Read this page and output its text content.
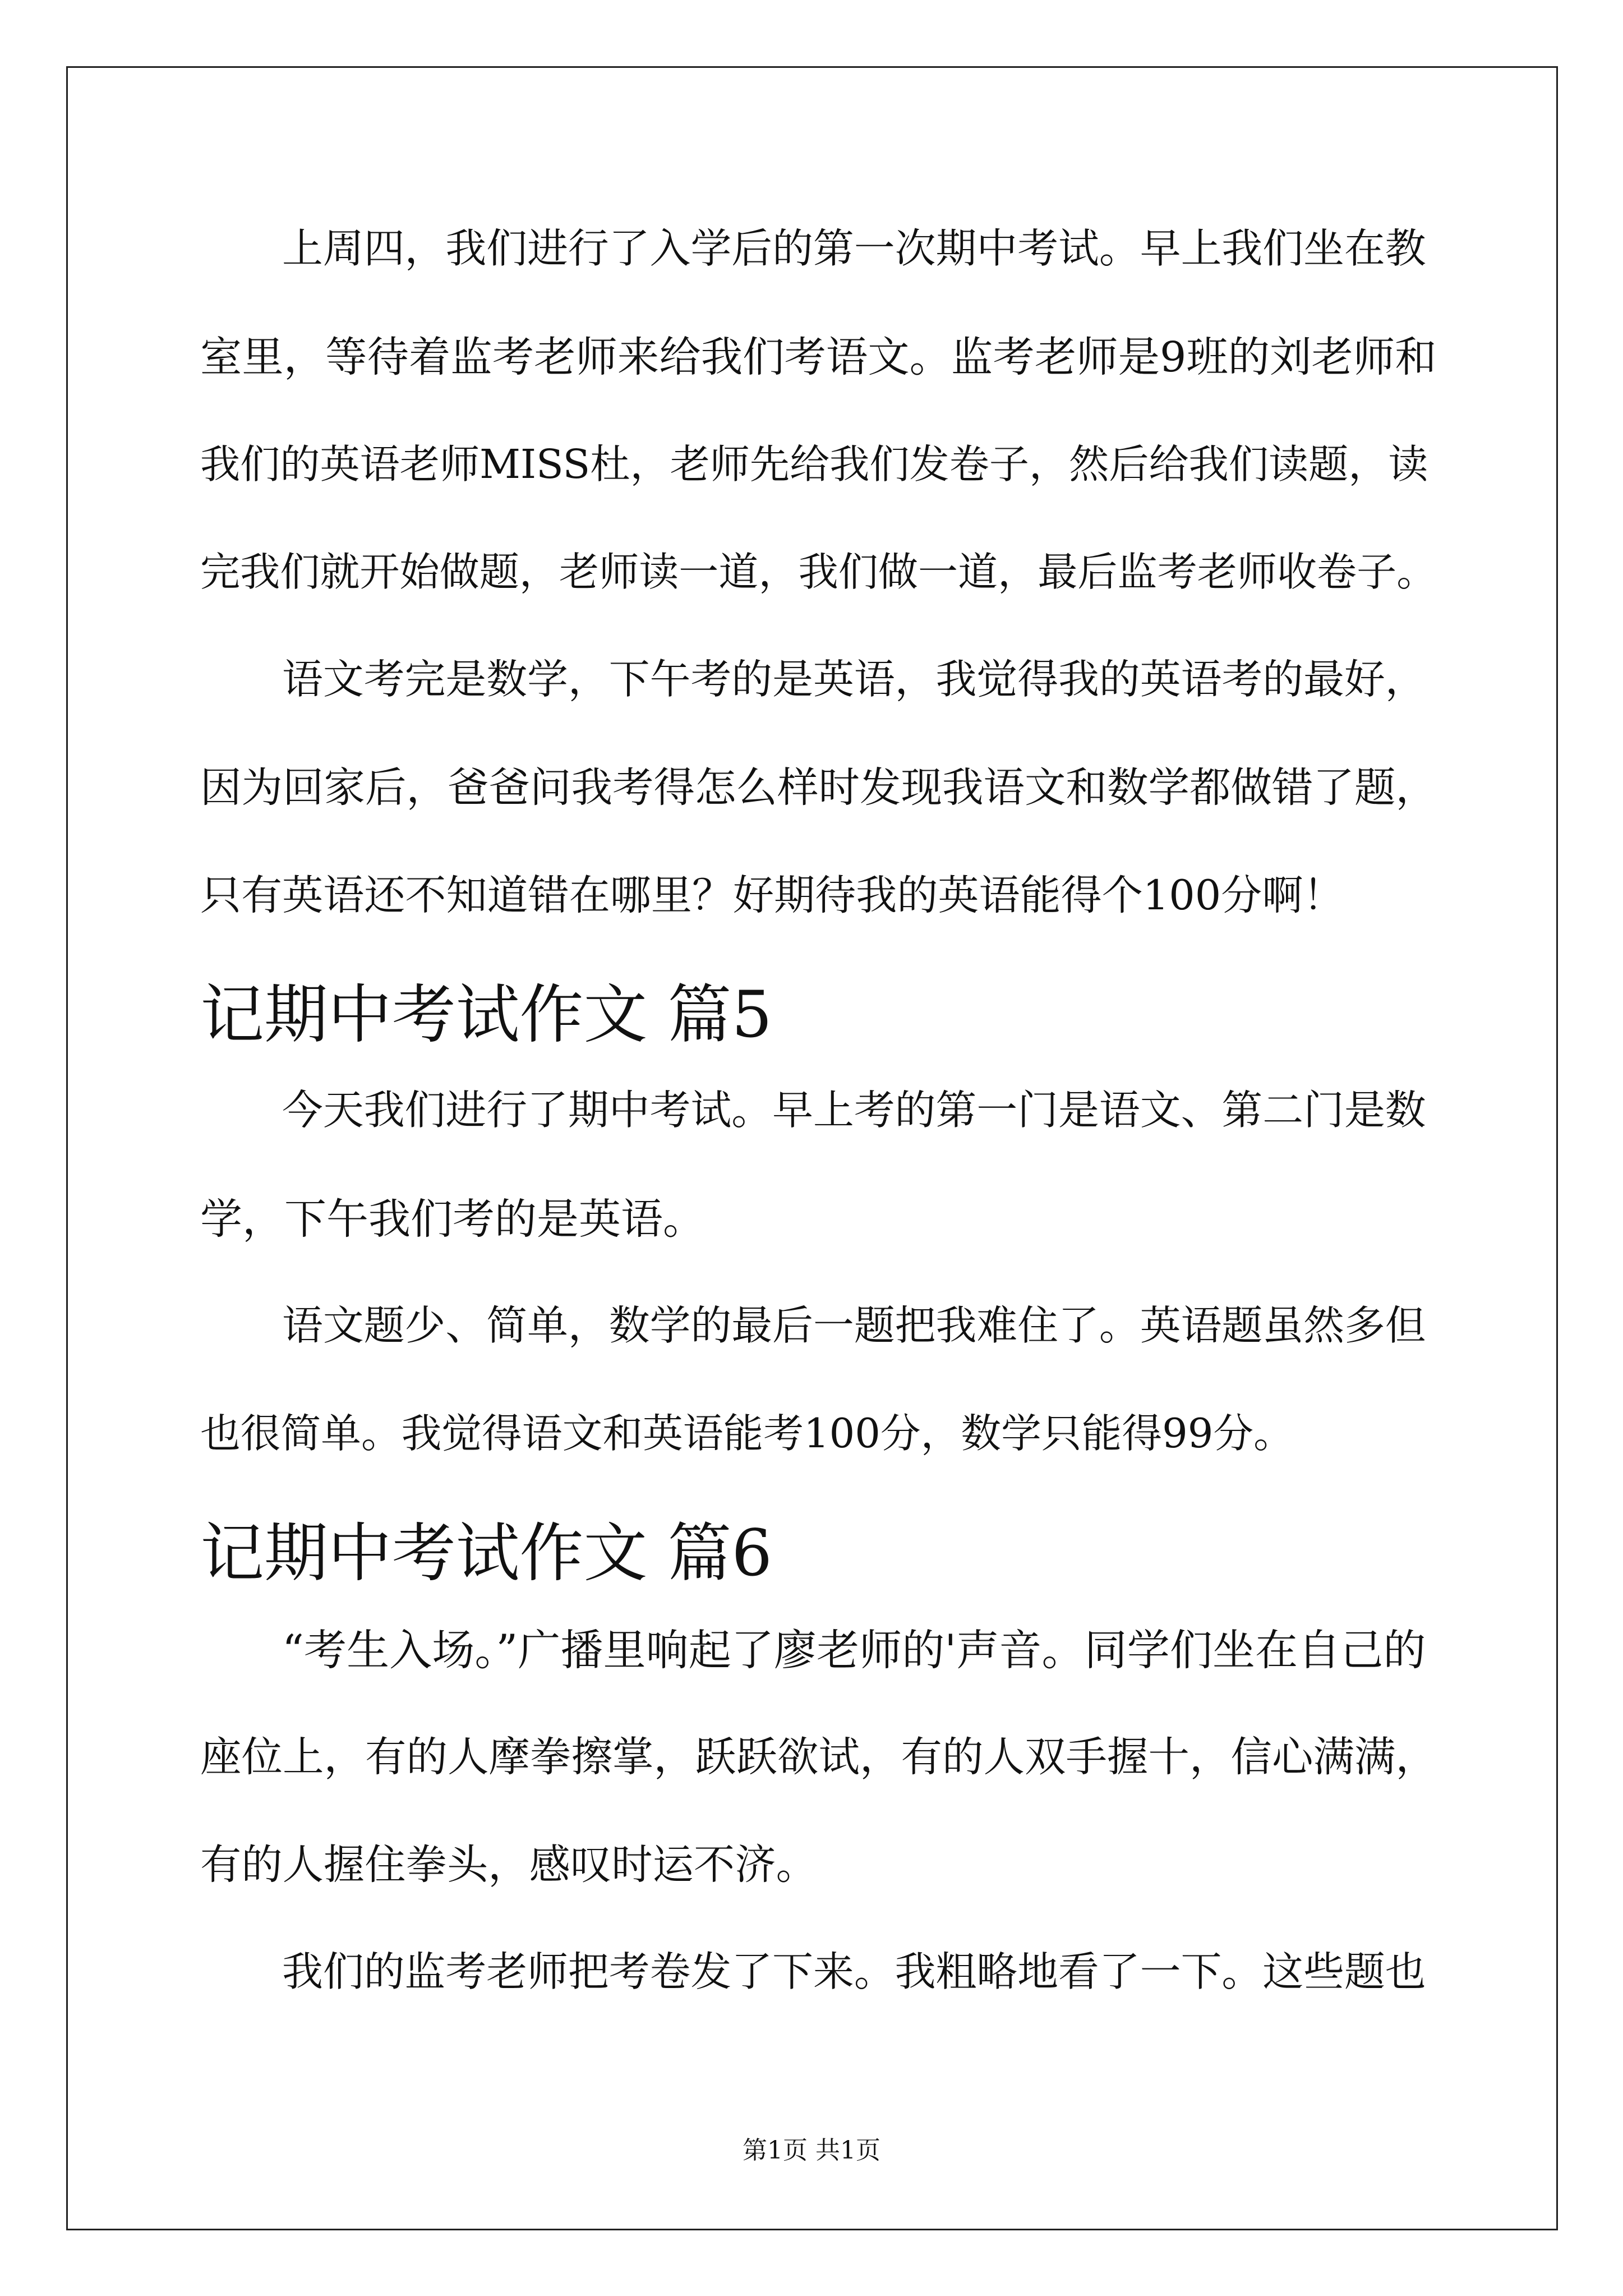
上周四，我们进行了入学后的第一次期中考试。早上我们坐在教
室里，等待着监考老师来给我们考语文。监考老师是9班的刘老师和
我们的英语老师MISS杜，老师先给我们发卷子，然后给我们读题，读
完我们就开始做题，老师读一道，我们做一道，最后监考老师收卷子。
语文考完是数学，下午考的是英语，我觉得我的英语考的最好，
因为回家后，爸爸问我考得怎么样时发现我语文和数学都做错了题，
只有英语还不知道错在哪里？好期待我的英语能得个100分啊！
记期中考试作文 篇5
今天我们进行了期中考试。早上考的第一门是语文、第二门是数
学，下午我们考的是英语。
语文题少、简单，数学的最后一题把我难住了。英语题虽然多但
也很简单。我觉得语文和英语能考100分，数学只能得99分。
记期中考试作文 篇6
“考生入场。”广播里响起了廖老师的'声音。同学们坐在自己的
座位上，有的人摩拳擦掌，跃跃欲试，有的人双手握十，信心满满，
有的人握住拳头，感叹时运不济。
我们的监考老师把考卷发了下来。我粗略地看了一下。这些题也
第1页 共1页
